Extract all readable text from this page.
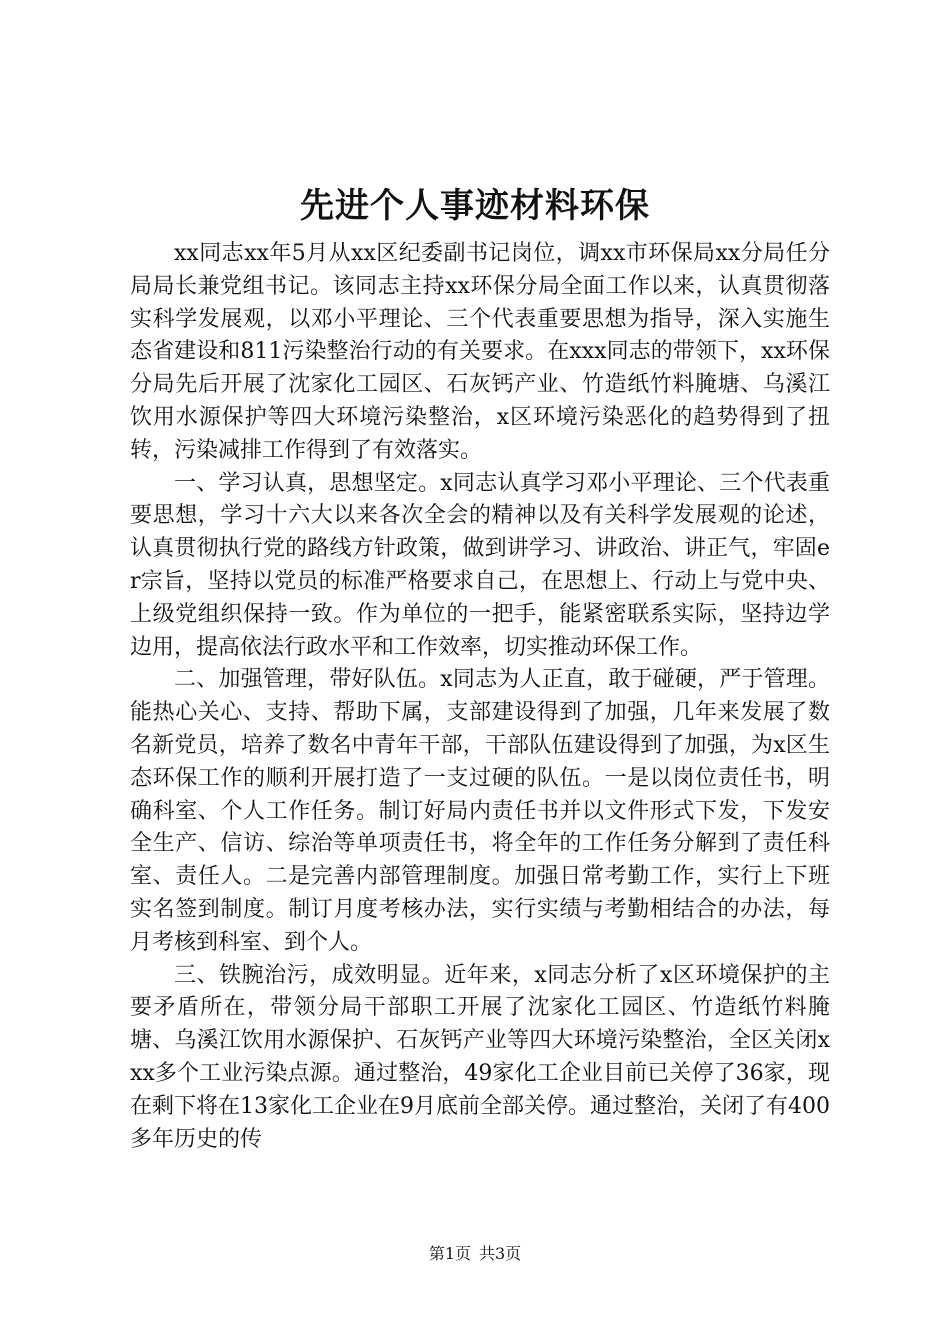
先进个人事迹材料环保

xx同志xx年5月从xx区纪委副书记岗位，调xx市环保局xx分局任分局局长兼党组书记。该同志主持xx环保分局全面工作以来，认真贯彻落实科学发展观，以邓小平理论、三个代表重要思想为指导，深入实施生态省建设和811污染整治行动的有关要求。在xxx同志的带领下，xx环保分局先后开展了沈家化工园区、石灰钙产业、竹造纸竹料腌塘、乌溪江饮用水源保护等四大环境污染整治，x区环境污染恶化的趋势得到了扭转，污染减排工作得到了有效落实。

一、学习认真，思想坚定。x同志认真学习邓小平理论、三个代表重要思想，学习十六大以来各次全会的精神以及有关科学发展观的论述，认真贯彻执行党的路线方针政策，做到讲学习、讲政治、讲正气，牢固er宗旨，坚持以党员的标准严格要求自己，在思想上、行动上与党中央、上级党组织保持一致。作为单位的一把手，能紧密联系实际，坚持边学边用，提高依法行政水平和工作效率，切实推动环保工作。

二、加强管理，带好队伍。x同志为人正直，敢于碰硬，严于管理。能热心关心、支持、帮助下属，支部建设得到了加强，几年来发展了数名新党员，培养了数名中青年干部，干部队伍建设得到了加强，为x区生态环保工作的顺利开展打造了一支过硬的队伍。一是以岗位责任书，明确科室、个人工作任务。制订好局内责任书并以文件形式下发，下发安全生产、信访、综治等单项责任书，将全年的工作任务分解到了责任科室、责任人。二是完善内部管理制度。加强日常考勤工作，实行上下班实名签到制度。制订月度考核办法，实行实绩与考勤相结合的办法，每月考核到科室、到个人。

三、铁腕治污，成效明显。近年来，x同志分析了x区环境保护的主要矛盾所在，带领分局干部职工开展了沈家化工园区、竹造纸竹料腌塘、乌溪江饮用水源保护、石灰钙产业等四大环境污染整治，全区关闭xxx多个工业污染点源。通过整治，49家化工企业目前已关停了36家，现在剩下将在13家化工企业在9月底前全部关停。通过整治，关闭了有400多年历史的传

第1页 共3页
